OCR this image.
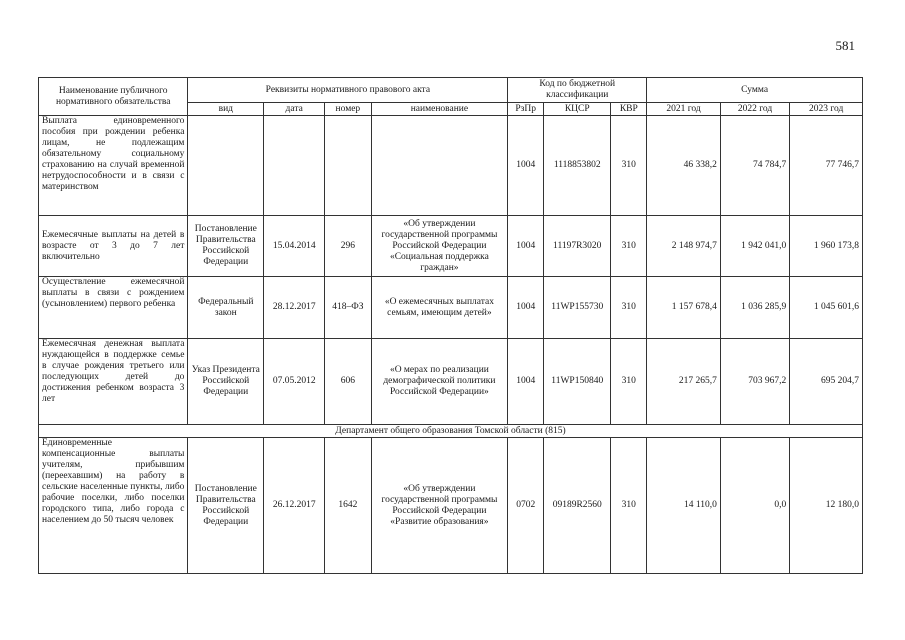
581
Наименование публичного нормативного обязательства	Реквизиты нормативного правового акта				Код по бюджетной классификации			Сумма		
	вид	дата	номер	наименование	РзПр	КЦСР	КВР	2021 год	2022 год	2023 год
Выплата единовременного пособия при рождении ребенка лицам, не подлежащим обязательному социальному страхованию на случай временной нетрудоспособности и в связи с материнством					1004	1118853802	310	46 338,2	74 784,7	77 746,7
Ежемесячные выплаты на детей в возрасте от 3 до 7 лет включительно	Постановление Правительства Российской Федерации	15.04.2014	296	«Об утверждении государственной программы Российской Федерации «Социальная поддержка граждан»	1004	11197R3020	310	2 148 974,7	1 942 041,0	1 960 173,8
Осуществление ежемесячной выплаты в связи с рождением (усыновлением) первого ребенка	Федеральный закон	28.12.2017	418–ФЗ	«О ежемесячных выплатах семьям, имеющим детей»	1004	11WP155730	310	1 157 678,4	1 036 285,9	1 045 601,6
Ежемесячная денежная выплата нуждающейся в поддержке семье в случае рождения третьего или последующих детей до достижения ребенком возраста 3 лет	Указ Президента Российской Федерации	07.05.2012	606	«О мерах по реализации демографической политики Российской Федерации»	1004	11WP150840	310	217 265,7	703 967,2	695 204,7
Департамент общего образования Томской области (815)										
Единовременные компенсационные выплаты учителям, прибывшим (переехавшим) на работу в сельские населенные пункты, либо рабочие поселки, либо поселки городского типа, либо города с населением до 50 тысяч человек	Постановление Правительства Российской Федерации	26.12.2017	1642	«Об утверждении государственной программы Российской Федерации «Развитие образования»	0702	09189R2560	310	14 110,0	0,0	12 180,0
